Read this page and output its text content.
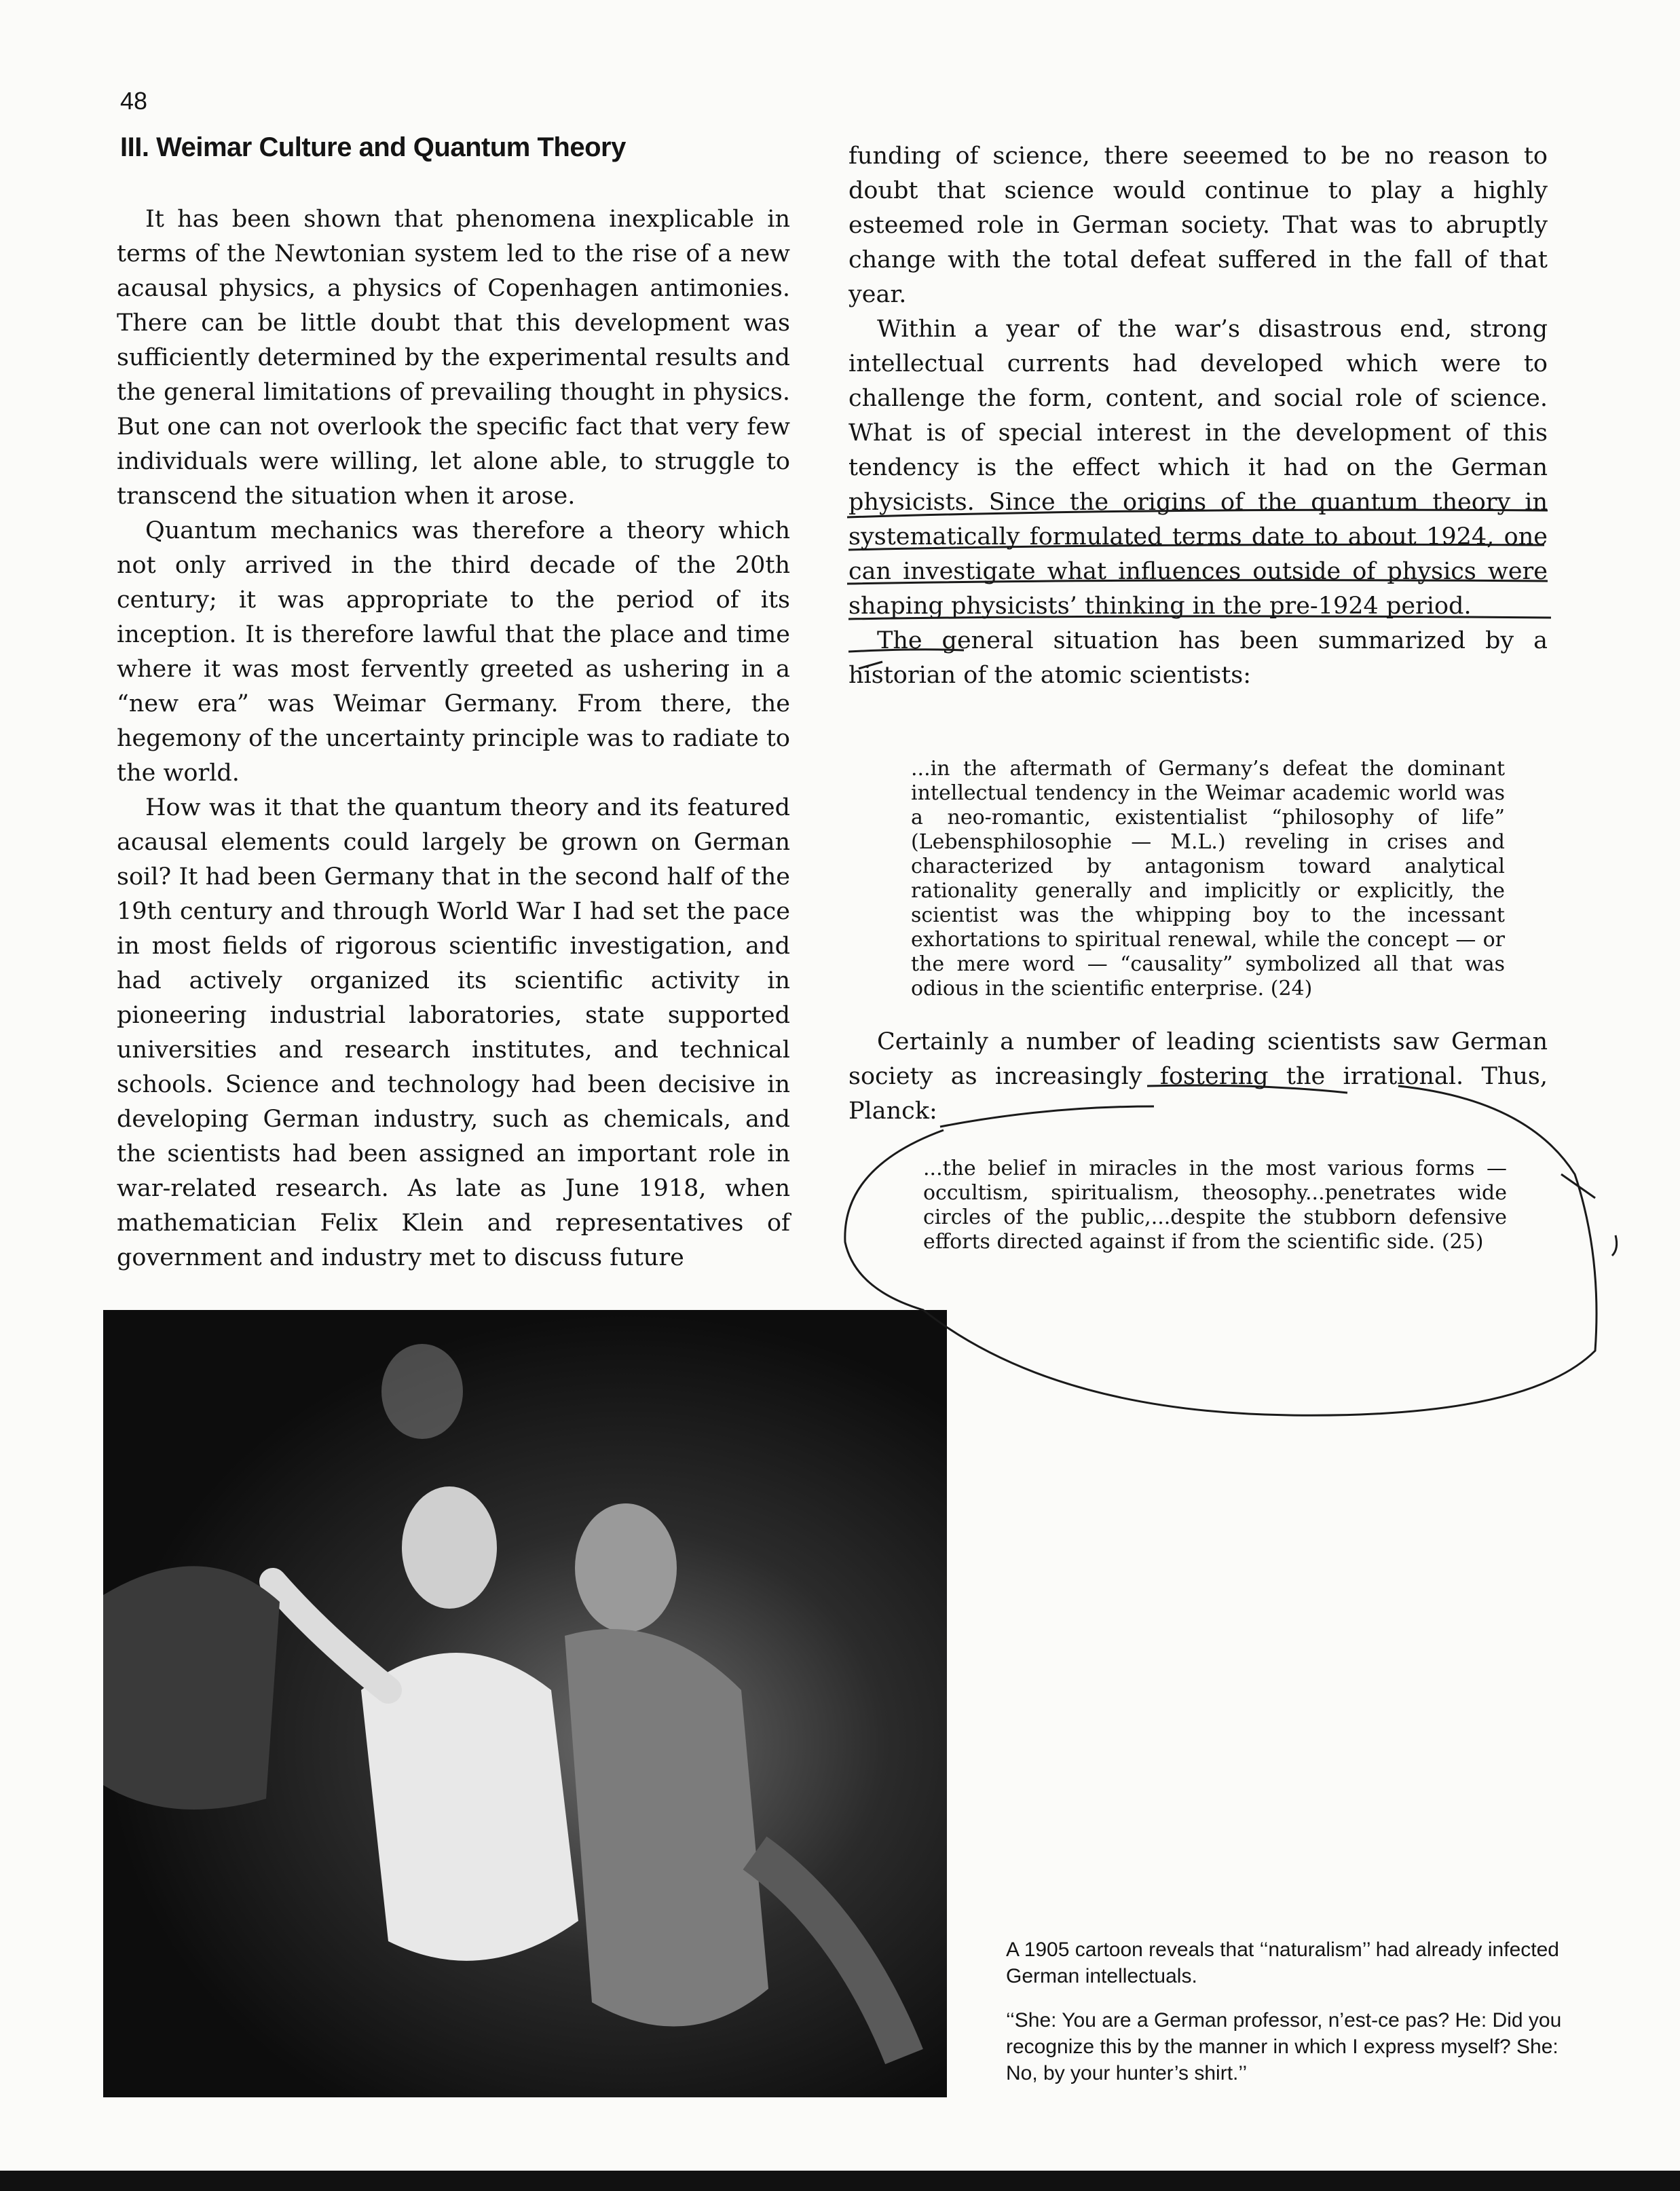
48
III. Weimar Culture and Quantum Theory

It has been shown that phenomena inexplicable in terms of the Newtonian system led to the rise of a new acausal physics, a physics of Copenhagen antimonies. There can be little doubt that this development was sufficiently determined by the experimental results and the general limitations of prevailing thought in physics. But one can not overlook the specific fact that very few individuals were willing, let alone able, to struggle to transcend the situation when it arose.

Quantum mechanics was therefore a theory which not only arrived in the third decade of the 20th century; it was appropriate to the period of its inception. It is therefore lawful that the place and time where it was most fervently greeted as ushering in a “new era” was Weimar Germany. From there, the hegemony of the uncertainty principle was to radiate to the world.

How was it that the quantum theory and its featured acausal elements could largely be grown on German soil? It had been Germany that in the second half of the 19th century and through World War I had set the pace in most fields of rigorous scientific investigation, and had actively organized its scientific activity in pioneering industrial laboratories, state supported universities and research institutes, and technical schools. Science and technology had been decisive in developing German industry, such as chemicals, and the scientists had been assigned an important role in war-related research. As late as June 1918, when mathematician Felix Klein and representatives of government and industry met to discuss future

funding of science, there seeemed to be no reason to doubt that science would continue to play a highly esteemed role in German society. That was to abruptly change with the total defeat suffered in the fall of that year.

Within a year of the war’s disastrous end, strong intellectual currents had developed which were to challenge the form, content, and social role of science. What is of special interest in the development of this tendency is the effect which it had on the German physicists. Since the origins of the quantum theory in systematically formulated terms date to about 1924, one can investigate what influences outside of physics were shaping physicists’ thinking in the pre-1924 period.

The general situation has been summarized by a historian of the atomic scientists:

...in the aftermath of Germany’s defeat the dominant intellectual tendency in the Weimar academic world was a neo-romantic, existentialist “philosophy of life” (Lebensphilosophie — M.L.) reveling in crises and characterized by antagonism toward analytical rationality generally and implicitly or explicitly, the scientist was the whipping boy to the incessant exhortations to spiritual renewal, while the concept — or the mere word — “causality” symbolized all that was odious in the scientific enterprise. (24)

Certainly a number of leading scientists saw German society as increasingly fostering the irrational. Thus, Planck:

...the belief in miracles in the most various forms — occultism, spiritualism, theosophy...penetrates wide circles of the public,...despite the stubborn defensive efforts directed against if from the scientific side. (25)

A 1905 cartoon reveals that ‘‘naturalism’’ had already infected German intellectuals.

‘‘She: You are a German professor, n’est-ce pas? He: Did you recognize this by the manner in which I express myself? She: No, by your hunter’s shirt.’’
